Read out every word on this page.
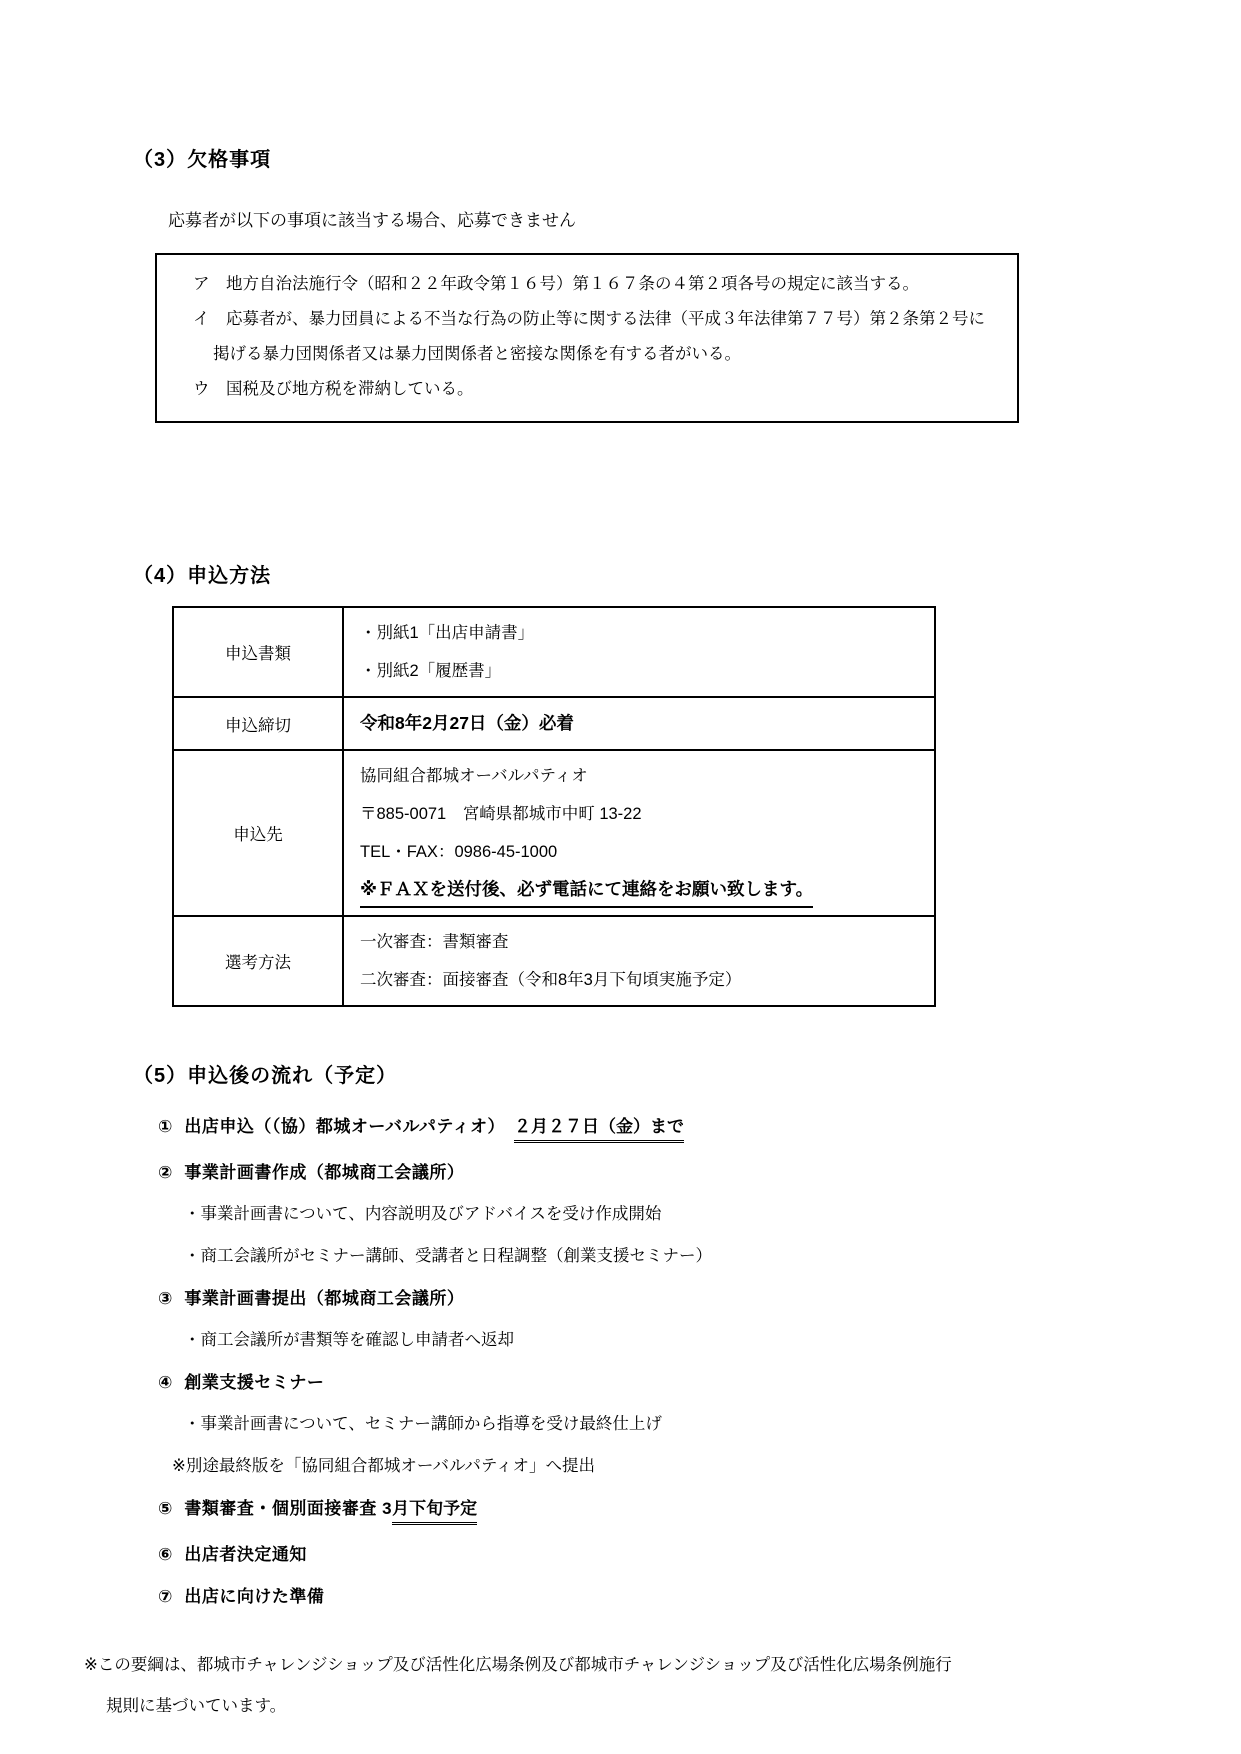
（3）欠格事項
応募者が以下の事項に該当する場合、応募できません
ア　地方自治法施行令（昭和２２年政令第１６号）第１６７条の４第２項各号の規定に該当する。
イ　応募者が、暴力団員による不当な行為の防止等に関する法律（平成３年法律第７７号）第２条第２号に掲げる暴力団関係者又は暴力団関係者と密接な関係を有する者がいる。
ウ　国税及び地方税を滞納している。
（4）申込方法
申込書類	・別紙1「出店申請書」
・別紙2「履歴書」

申込締切	令和8年2月27日（金）必着
申込先	協同組合都城オーバルパティオ
〒885-0071　宮崎県都城市中町 13-22
TEL・FAX：0986-45-1000
※ＦＡＸを送付後、必ず電話にて連絡をお願い致します。

選考方法	一次審査：書類審査
二次審査：面接審査（令和8年3月下旬頃実施予定）
（5）申込後の流れ（予定）
① 出店申込（（協）都城オーバルパティオ）　２月２７日（金）まで
② 事業計画書作成（都城商工会議所）
・事業計画書について、内容説明及びアドバイスを受け作成開始
・商工会議所がセミナー講師、受講者と日程調整（創業支援セミナー）
③ 事業計画書提出（都城商工会議所）
・商工会議所が書類等を確認し申請者へ返却
④ 創業支援セミナー
・事業計画書について、セミナー講師から指導を受け最終仕上げ
※別途最終版を「協同組合都城オーバルパティオ」へ提出
⑤ 書類審査・個別面接審査 3月下旬予定
⑥ 出店者決定通知
⑦ 出店に向けた準備
※この要綱は、都城市チャレンジショップ及び活性化広場条例及び都城市チャレンジショップ及び活性化広場条例施行
規則に基づいています。
